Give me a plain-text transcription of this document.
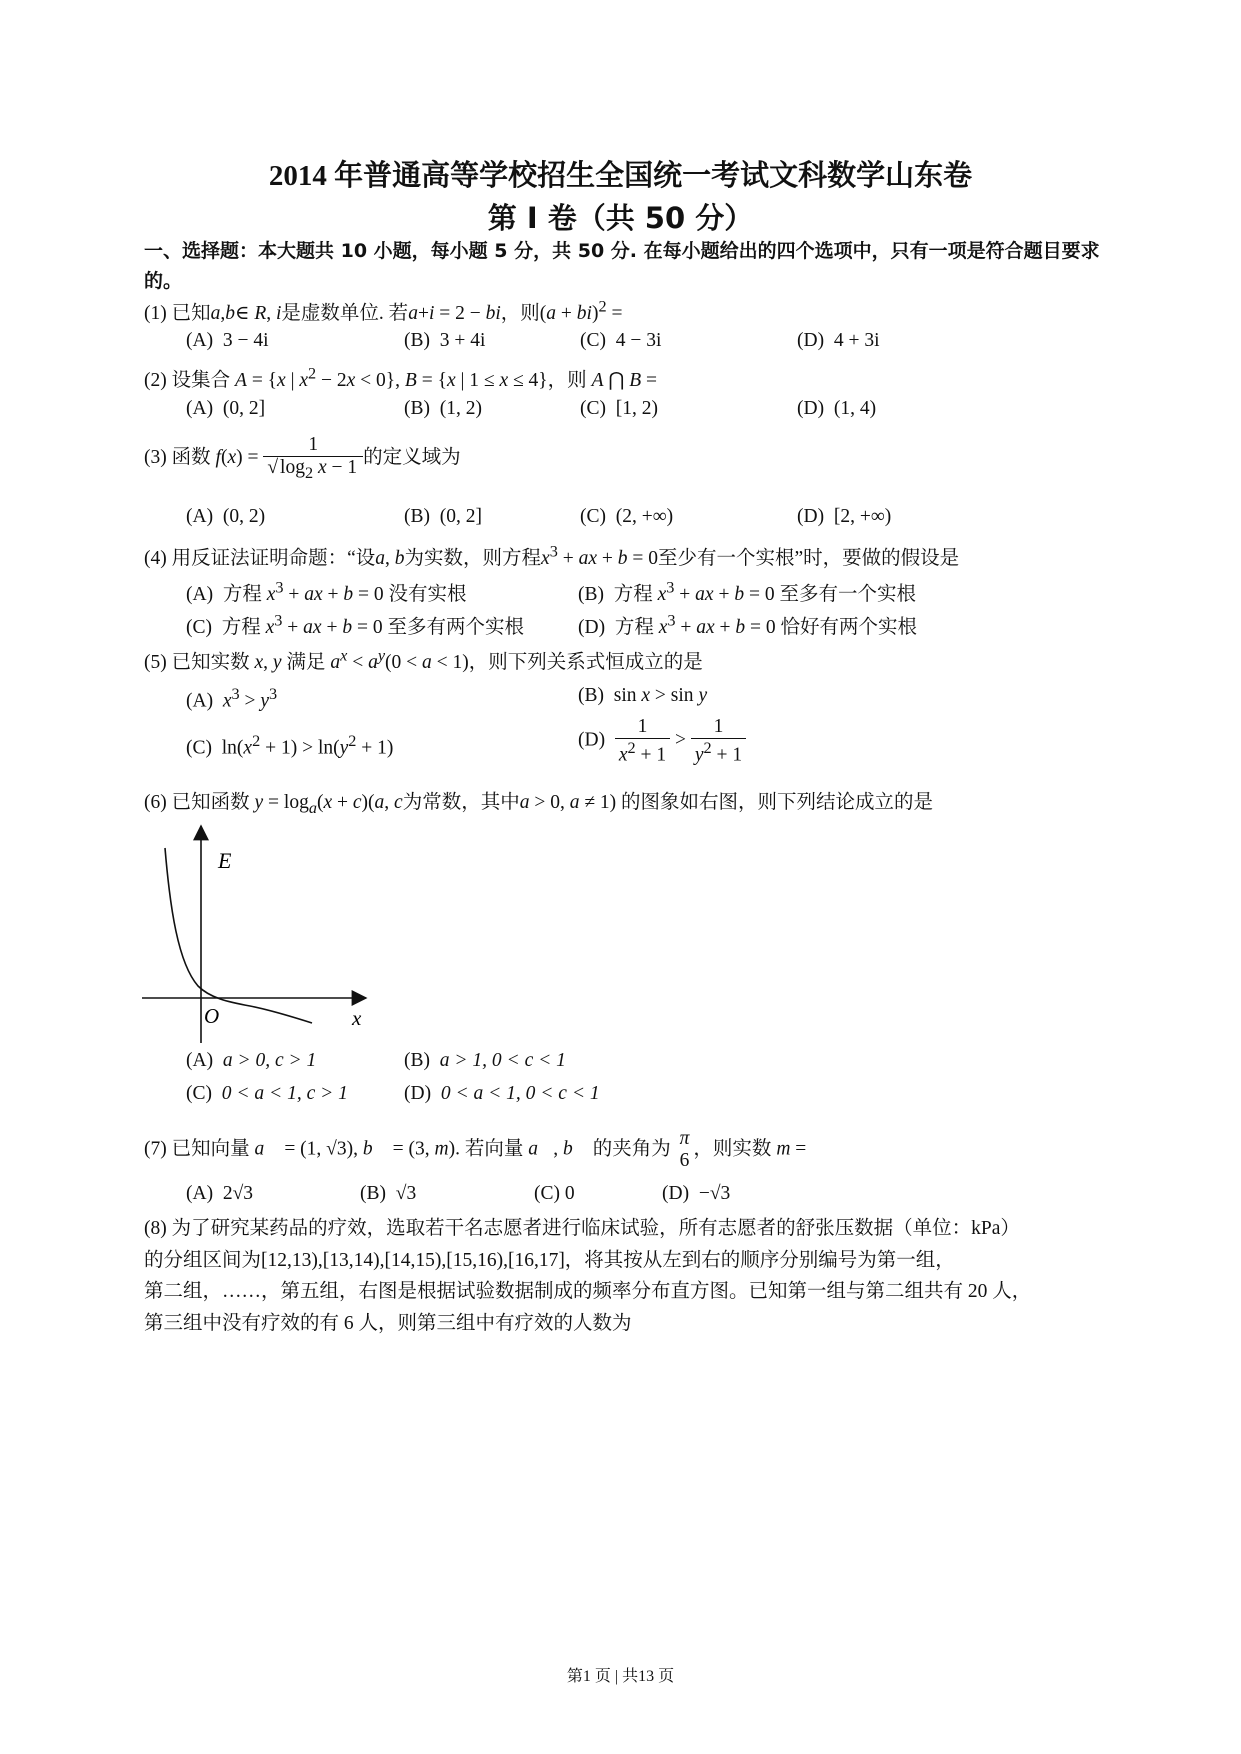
2014 年普通高等学校招生全国统一考试文科数学山东卷
第 I 卷（共 50 分）
一、选择题：本大题共 10 小题，每小题 5 分，共 50 分. 在每小题给出的四个选项中，只有一项是符合题目要求的。
(1) 已知a,b∈ R, i是虚数单位. 若a+i = 2 − bi，则(a + bi)$^2$ =
(A) 3 − 4i	(B) 3 + 4i	(C) 4 − 3i	(D) 4 + 3i
(2) 设集合 A = {x | $x^2 - 2x < 0$}, B = {x | 1 ≤ x ≤ 4}，则 A ⋂ B =
(A) (0, 2]	(B) (1, 2)	(C) [1, 2)	(D) (1, 4)
(3) 函数 $f(x) = \frac{1}{√ \log_2 x - 1}$ 的定义域为
(A) (0, 2)	(B) (0, 2]	(C) (2, +∞)	(D) [2, +∞)
(4) 用反证法证明命题：“设a, b为实数，则方程$x^3$ + ax + b = 0至少有一个实根”时，要做的假设是
(A) 方程 $x^3$ + ax + b = 0 没有实根	(B) 方程 $x^3$ + ax + b = 0 至多有一个实根
(C) 方程 $x^3$ + ax + b = 0 至多有两个实根	(D) 方程 $x^3$ + ax + b = 0 恰好有两个实根
(5) 已知实数 x, y 满足 $a^x < a^y(0 < a < 1)$，则下列关系式恒成立的是
(A) $x^3 > y^3$	(B)  sin x > sin y
(C)  $\ln(x^2 + 1) > \ln(y^2 + 1)$	$(D) \frac{1}{x^2 + 1} > \frac{1}{y^2 + 1}$
(6) 已知函数 $y = \log_a(x + c)(a$, c为常数，其中a > 0, a ≠ 1) 的图象如右图，则下列结论成立的是
E
O	x
(A) a > 0, c > 1	(B) a > 1, 0 < c < 1
(C) 0 < a < 1, c > 1	(D) 0 < a < 1, 0 < c < 1
(7) 已知向量 a⃗ = (1, √3), b⃗ = (3, m). 若向量 a⃗, b⃗ 的夹角为 π
6
，则实数 m =
(A) 2√3	(B) √3	(C) 0	(D) −√3
(8) 为了研究某药品的疗效，选取若干名志愿者进行临床试验，所有志愿者的舒张压数据（单位：kPa）
的分组区间为[12,13),[13,14),[14,15),[15,16),[16,17]，将其按从左到右的顺序分别编号为第一组，
第二组，……，第五组，右图是根据试验数据制成的频率分布直方图。已知第一组与第二组共有 20 人，
第三组中没有疗效的有 6 人，则第三组中有疗效的人数为
第1 页 | 共13 页
